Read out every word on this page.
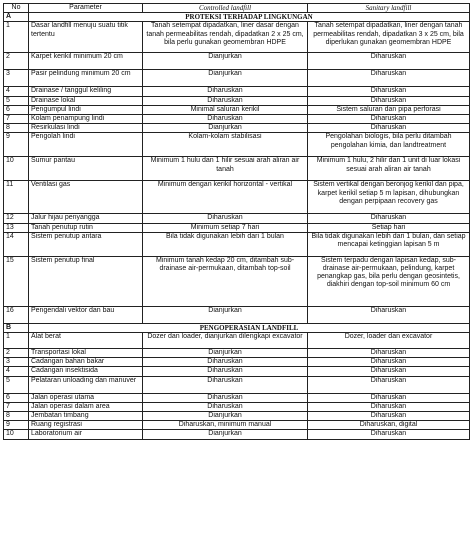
No	Parameter	Controlled landfill	Sanitary landfill
A	PROTEKSI TERHADAP LINGKUNGAN		
1	Dasar landfill menuju suatu titik tertentu	Tanah setempat dipadatkan, liner dasar dengan tanah permeabilitas rendah, dipadatkan 2 x 25 cm, bila perlu gunakan geomembran HDPE	Tanah setempat dipadatkan, liner dengan tanah permeabilitas rendah, dipadatkan 3 x 25 cm, bila diperlukan gunakan geomembran HDPE
2	Karpet kerikil minimum 20 cm	Dianjurkan	Diharuskan
3	Pasir pelindung minimum 20 cm	Dianjurkan	Diharuskan
4	Drainase / tanggul keliling	Diharuskan	Diharuskan
5	Drainase lokal	Diharuskan	Diharuskan
6	Pengumpul lindi	Minimal saluran kerikil	Sistem saluran dan pipa perforasi
7	Kolam penampung lindi	Diharuskan	Diharuskan
8	Resirkulasi lindi	Dianjurkan	Diharuskan
9	Pengolah lindi	Kolam-kolam stabilisasi	Pengolahan biologis, bila perlu ditambah pengolahan kimia, dan landtreatment
10	Sumur pantau	Minimum 1 hulu dan 1 hilir sesuai arah aliran air tanah	Minimum 1 hulu, 2 hilir dan 1 unit di luar lokasi sesuai arah aliran air tanah
11	Ventilasi gas	Minimum dengan kerikil horizontal - vertikal	Sistem vertikal dengan beronjog kerikil dan pipa, karpet kerikil setiap 5 m lapisan, dihubungkan dengan perpipaan recovery gas
12	Jalur hijau penyangga	Diharuskan	Diharuskan
13	Tanah penutup rutin	Minimum setiap 7 hari	Setiap hari
14	Sistem penutup antara	Bila tidak digunakan lebih dari 1 bulan	Bila tidak digunakan lebih dari 1 bulan, dan setiap mencapai ketinggian lapisan 5 m
15	Sistem penutup final	Minimum tanah kedap 20 cm, ditambah sub-drainase air-permukaan, ditambah top-soil	Sistem terpadu dengan lapisan kedap, sub-drainase air-permukaan, pelindung, karpet penangkap gas, bila perlu dengan geosintetis, diakhiri dengan top-soil minimum 60 cm
16	Pengendali vektor dan bau	Dianjurkan	Diharuskan
B	PENGOPERASIAN LANDFILL		
1	Alat berat	Dozer dan loader, dianjurkan dilengkapi excavator	Dozer, loader dan excavator
2	Transportasi lokal	Dianjurkan	Diharuskan
3	Cadangan bahan bakar	Diharuskan	Diharuskan
4	Cadangan insektisida	Diharuskan	Diharuskan
5	Pelataran unloading dan manuver	Diharuskan	Diharuskan
6	Jalan operasi utama	Diharuskan	Diharuskan
7	Jalan operasi dalam area	Diharuskan	Diharuskan
8	Jembatan timbang	Dianjurkan	Diharuskan
9	Ruang registrasi	Diharuskan, minimum manual	Diharuskan, digital
10	Laboratorium air	Dianjurkan	Diharuskan
